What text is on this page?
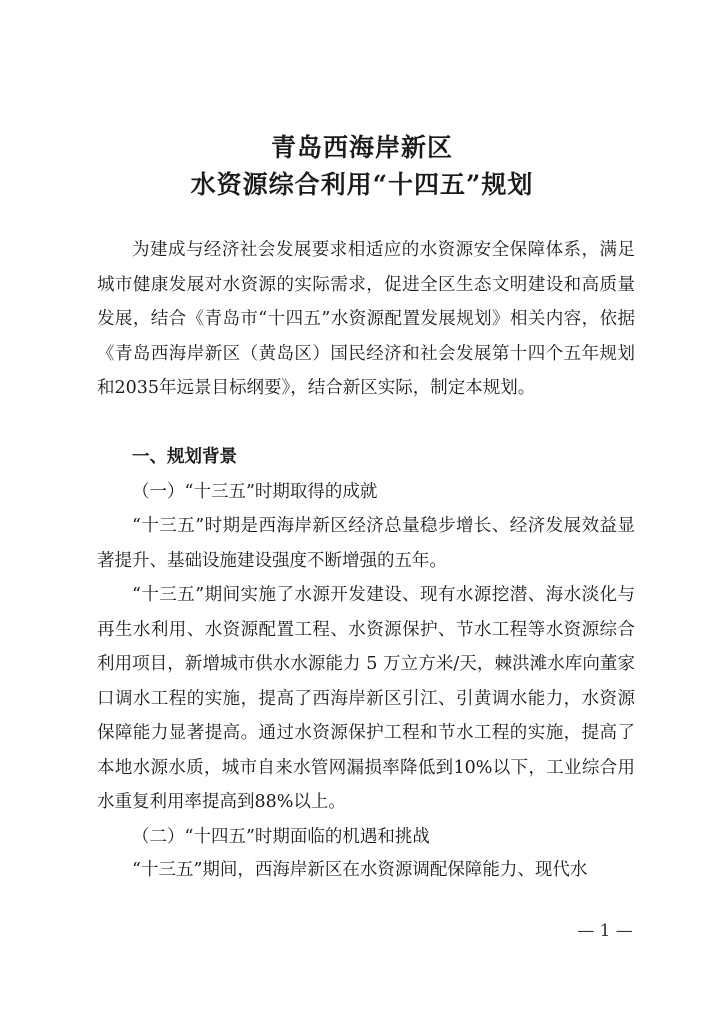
青岛西海岸新区
水资源综合利用“十四五”规划
为建成与经济社会发展要求相适应的水资源安全保障体系，满足城市健康发展对水资源的实际需求，促进全区生态文明建设和高质量发展，结合《青岛市“十四五”水资源配置发展规划》相关内容，依据《青岛西海岸新区（黄岛区）国民经济和社会发展第十四个五年规划和2035年远景目标纲要》，结合新区实际，制定本规划。
一、规划背景
（一）“十三五”时期取得的成就
“十三五”时期是西海岸新区经济总量稳步增长、经济发展效益显著提升、基础设施建设强度不断增强的五年。
“十三五”期间实施了水源开发建设、现有水源挖潜、海水淡化与再生水利用、水资源配置工程、水资源保护、节水工程等水资源综合利用项目，新增城市供水水源能力 5 万立方米/天，棘洪滩水库向董家口调水工程的实施，提高了西海岸新区引江、引黄调水能力，水资源保障能力显著提高。通过水资源保护工程和节水工程的实施，提高了本地水源水质，城市自来水管网漏损率降低到10%以下，工业综合用水重复利用率提高到88%以上。
（二）“十四五”时期面临的机遇和挑战
“十三五”期间，西海岸新区在水资源调配保障能力、现代水
— 1 —
